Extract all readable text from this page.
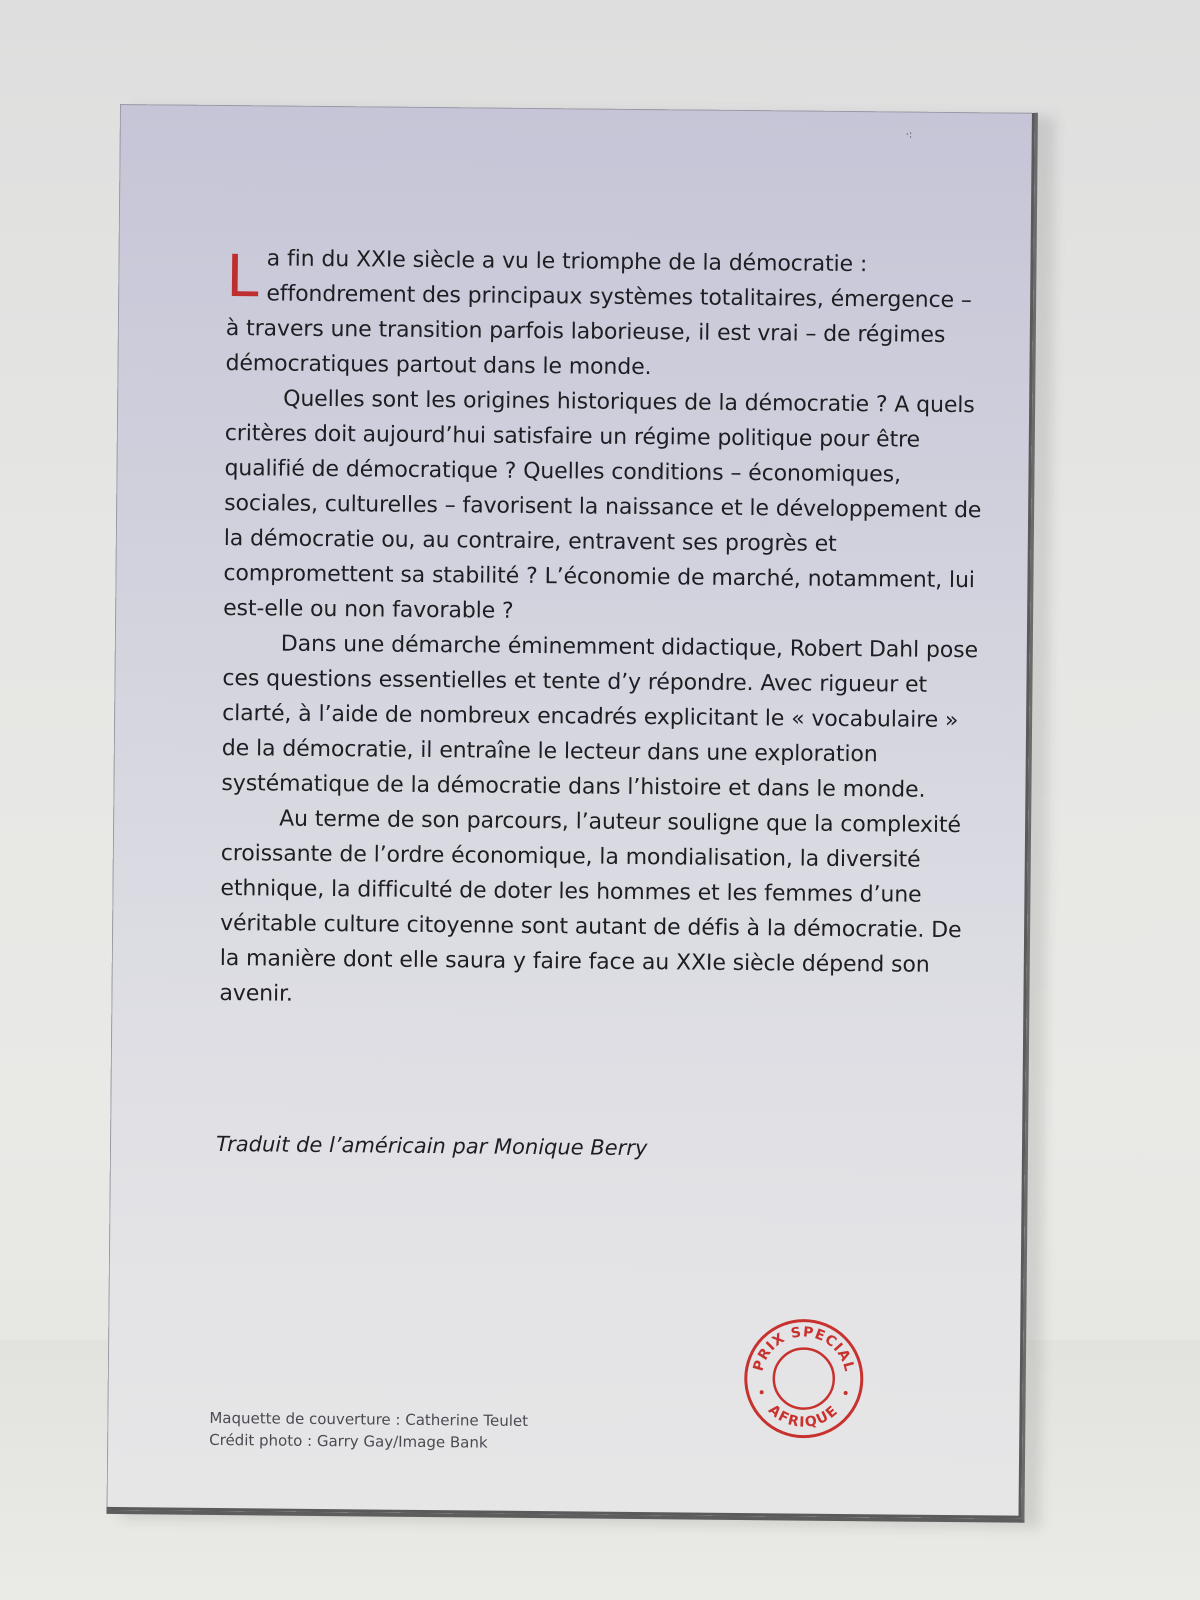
·:

La fin du XXIe siècle a vu le triomphe de la démocratie : effondrement des principaux systèmes totalitaires, émergence – à travers une transition parfois laborieuse, il est vrai – de régimes démocratiques partout dans le monde.

Quelles sont les origines historiques de la démocratie ? A quels critères doit aujourd’hui satisfaire un régime politique pour être qualifié de démocratique ? Quelles conditions – économiques, sociales, culturelles – favorisent la naissance et le développement de la démocratie ou, au contraire, entravent ses progrès et compromettent sa stabilité ? L’économie de marché, notamment, lui est-elle ou non favorable ?

Dans une démarche éminemment didactique, Robert Dahl pose ces questions essentielles et tente d’y répondre. Avec rigueur et clarté, à l’aide de nombreux encadrés explicitant le « vocabulaire » de la démocratie, il entraîne le lecteur dans une exploration systématique de la démocratie dans l’histoire et dans le monde.

Au terme de son parcours, l’auteur souligne que la complexité croissante de l’ordre économique, la mondialisation, la diversité ethnique, la difficulté de doter les hommes et les femmes d’une véritable culture citoyenne sont autant de défis à la démocratie. De la manière dont elle saura y faire face au XXIe siècle dépend son avenir.

Traduit de l’américain par Monique Berry
Maquette de couverture : Catherine Teulet
Crédit photo : Garry Gay/Image Bank
PRIX SPECIAL
AFRIQUE
